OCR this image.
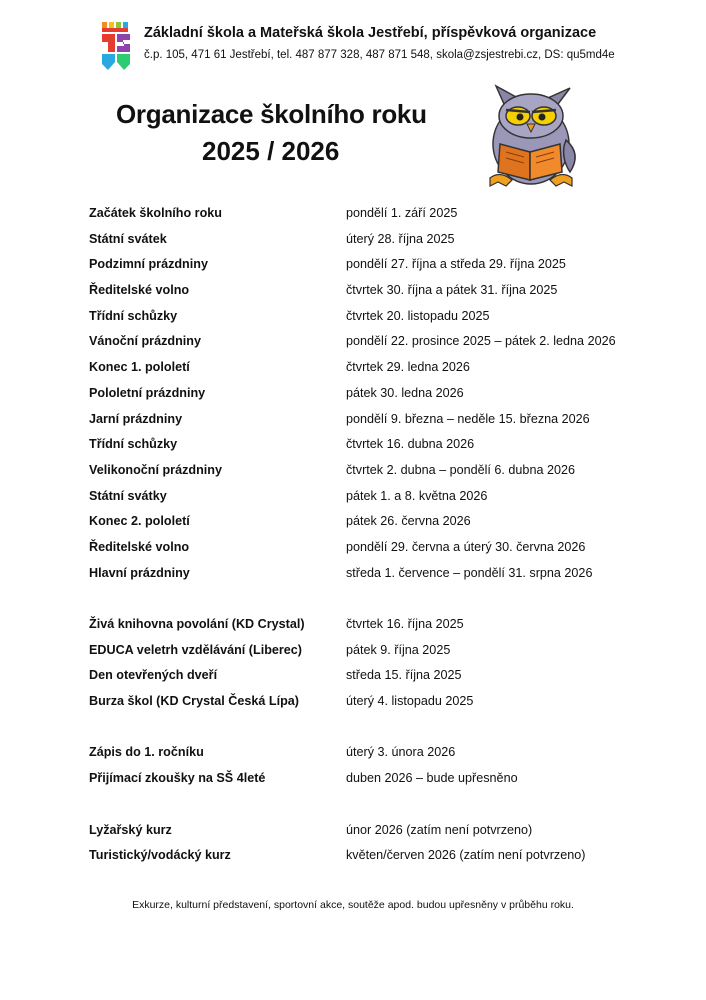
Základní škola a Mateřská škola Jestřebí, příspěvková organizace
č.p. 105, 471 61 Jestřebí, tel. 487 877 328, 487 871 548, skola@zsjestrebi.cz, DS: qu5md4e
Organizace školního roku
2025 / 2026
Začátek školního roku	pondělí 1. září 2025
Státní svátek	úterý 28. října 2025
Podzimní prázdniny	pondělí 27. října a středa 29. října 2025
Ředitelské volno	čtvrtek 30. října a pátek 31. října 2025
Třídní schůzky	čtvrtek 20. listopadu 2025
Vánoční prázdniny	pondělí 22. prosince 2025 – pátek 2. ledna 2026
Konec 1. pololetí	čtvrtek 29. ledna 2026
Pololetní prázdniny	pátek 30. ledna 2026
Jarní prázdniny	pondělí 9. března – neděle 15. března 2026
Třídní schůzky	čtvrtek 16. dubna 2026
Velikonoční prázdniny	čtvrtek 2. dubna – pondělí 6. dubna 2026
Státní svátky	pátek 1. a 8. května 2026
Konec 2. pololetí	pátek 26. června 2026
Ředitelské volno	pondělí 29. června a úterý 30. června 2026
Hlavní prázdniny	středa 1. července – pondělí 31. srpna 2026
Živá knihovna povolání (KD Crystal)	čtvrtek 16. října 2025
EDUCA veletrh vzdělávání (Liberec)	pátek 9. října 2025
Den otevřených dveří	středa 15. října 2025
Burza škol (KD Crystal Česká Lípa)	úterý 4. listopadu 2025
Zápis do 1. ročníku	úterý 3. února 2026
Přijímací zkoušky na SŠ 4leté	duben 2026 – bude upřesněno
Lyžařský kurz	únor 2026 (zatím není potvrzeno)
Turistický/vodácký kurz	květen/červen 2026 (zatím není potvrzeno)
Exkurze, kulturní představení, sportovní akce, soutěže apod. budou upřesněny v průběhu roku.
